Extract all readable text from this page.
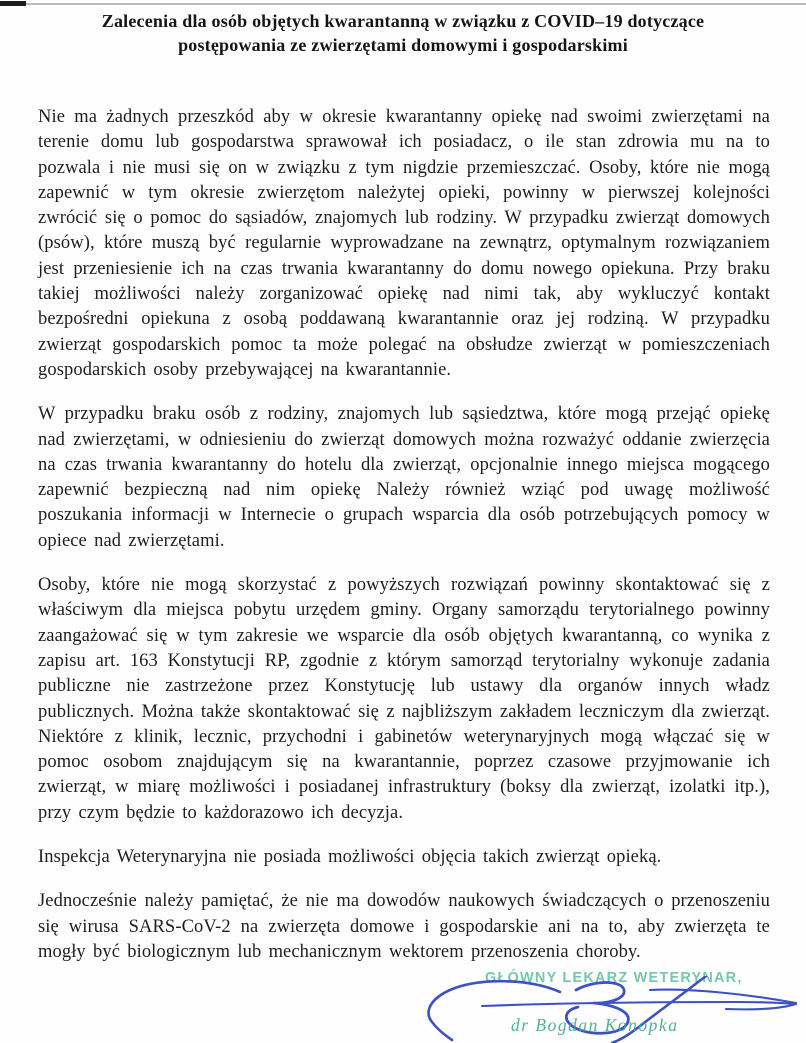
Zalecenia dla osób objętych kwarantanną w związku z COVID–19 dotyczące
postępowania ze zwierzętami domowymi i gospodarskimi

Nie ma żadnych przeszkód aby w okresie kwarantanny opiekę nad swoimi zwierzętami na terenie domu lub gospodarstwa sprawował ich posiadacz, o ile stan zdrowia mu na to pozwala i nie musi się on w związku z tym nigdzie przemieszczać. Osoby, które nie mogą zapewnić w tym okresie zwierzętom należytej opieki, powinny w pierwszej kolejności zwrócić się o pomoc do sąsiadów, znajomych lub rodziny. W przypadku zwierząt domowych (psów), które muszą być regularnie wyprowadzane na zewnątrz, optymalnym rozwiązaniem jest przeniesienie ich na czas trwania kwarantanny do domu nowego opiekuna. Przy braku takiej możliwości należy zorganizować opiekę nad nimi tak, aby wykluczyć kontakt bezpośredni opiekuna z osobą poddawaną kwarantannie oraz jej rodziną. W przypadku zwierząt gospodarskich pomoc ta może polegać na obsłudze zwierząt w pomieszczeniach gospodarskich osoby przebywającej na kwarantannie.

W przypadku braku osób z rodziny, znajomych lub sąsiedztwa, które mogą przejąć opiekę nad zwierzętami, w odniesieniu do zwierząt domowych można rozważyć oddanie zwierzęcia na czas trwania kwarantanny do hotelu dla zwierząt, opcjonalnie innego miejsca mogącego zapewnić bezpieczną nad nim opiekę Należy również wziąć pod uwagę możliwość poszukania informacji w Internecie o grupach wsparcia dla osób potrzebujących pomocy w opiece nad zwierzętami.

Osoby, które nie mogą skorzystać z powyższych rozwiązań powinny skontaktować się z właściwym dla miejsca pobytu urzędem gminy. Organy samorządu terytorialnego powinny zaangażować się w tym zakresie we wsparcie dla osób objętych kwarantanną, co wynika z zapisu art. 163 Konstytucji RP, zgodnie z którym samorząd terytorialny wykonuje zadania publiczne nie zastrzeżone przez Konstytucję lub ustawy dla organów innych władz publicznych. Można także skontaktować się z najbliższym zakładem leczniczym dla zwierząt. Niektóre z klinik, lecznic, przychodni i gabinetów weterynaryjnych mogą włączać się w pomoc osobom znajdującym się na kwarantannie, poprzez czasowe przyjmowanie ich zwierząt, w miarę możliwości i posiadanej infrastruktury (boksy dla zwierząt, izolatki itp.), przy czym będzie to każdorazowo ich decyzja.

Inspekcja Weterynaryjna nie posiada możliwości objęcia takich zwierząt opieką.

Jednocześnie należy pamiętać, że nie ma dowodów naukowych świadczących o przenoszeniu się wirusa SARS-CoV-2 na zwierzęta domowe i gospodarskie ani na to, aby zwierzęta te mogły być biologicznym lub mechanicznym wektorem przenoszenia choroby.

GŁÓWNY LEKARZ WETERYNAR,
dr Bogdan Konopka
